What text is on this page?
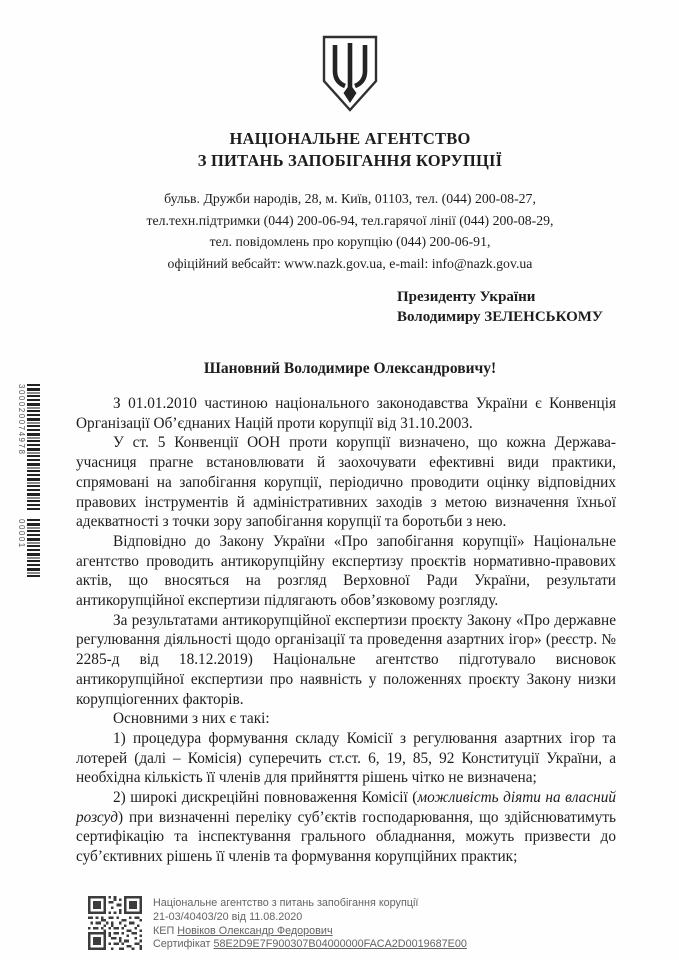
300020074978
00001
НАЦІОНАЛЬНЕ АГЕНТСТВО
З ПИТАНЬ ЗАПОБІГАННЯ КОРУПЦІЇ
бульв. Дружби народів, 28, м. Київ, 01103, тел. (044) 200-08-27,
тел.техн.підтримки (044) 200-06-94, тел.гарячої лінії (044) 200-08-29,
тел. повідомлень про корупцію (044) 200-06-91,
офіційний вебсайт: www.nazk.gov.ua, e-mail: info@nazk.gov.ua
Президенту України
Володимиру ЗЕЛЕНСЬКОМУ
Шановний Володимире Олександровичу!

З 01.01.2010 частиною національного законодавства України є Конвенція Організації Об’єднаних Націй проти корупції від 31.10.2003.

У ст. 5 Конвенції ООН проти корупції визначено, що кожна Держава-учасниця прагне встановлювати й заохочувати ефективні види практики, спрямовані на запобігання корупції, періодично проводити оцінку відповідних правових інструментів й адміністративних заходів з метою визначення їхньої адекватності з точки зору запобігання корупції та боротьби з нею.

Відповідно до Закону України «Про запобігання корупції» Національне агентство проводить антикорупційну експертизу проєктів нормативно-правових актів, що вносяться на розгляд Верховної Ради України, результати антикорупційної експертизи підлягають обов’язковому розгляду.

За результатами антикорупційної експертизи проєкту Закону «Про державне регулювання діяльності щодо організації та проведення азартних ігор» (реєстр. № 2285-д від 18.12.2019) Національне агентство підготувало висновок антикорупційної експертизи про наявність у положеннях проєкту Закону низки корупціогенних факторів.

Основними з них є такі:

1) процедура формування складу Комісії з регулювання азартних ігор та лотерей (далі – Комісія) суперечить ст.ст. 6, 19, 85, 92 Конституції України, а необхідна кількість її членів для прийняття рішень чітко не визначена;

2) широкі дискреційні повноваження Комісії (можливість діяти на власний розсуд) при визначенні переліку суб’єктів господарювання, що здійснюватимуть сертифікацію та інспектування грального обладнання, можуть призвести до суб’єктивних рішень її членів та формування корупційних практик;

Національне агентство з питань запобігання корупції
21-03/40403/20 від 11.08.2020
КЕП Новіков Олександр Федорович
Сертифікат 58E2D9E7F900307B04000000FACA2D0019687E00
